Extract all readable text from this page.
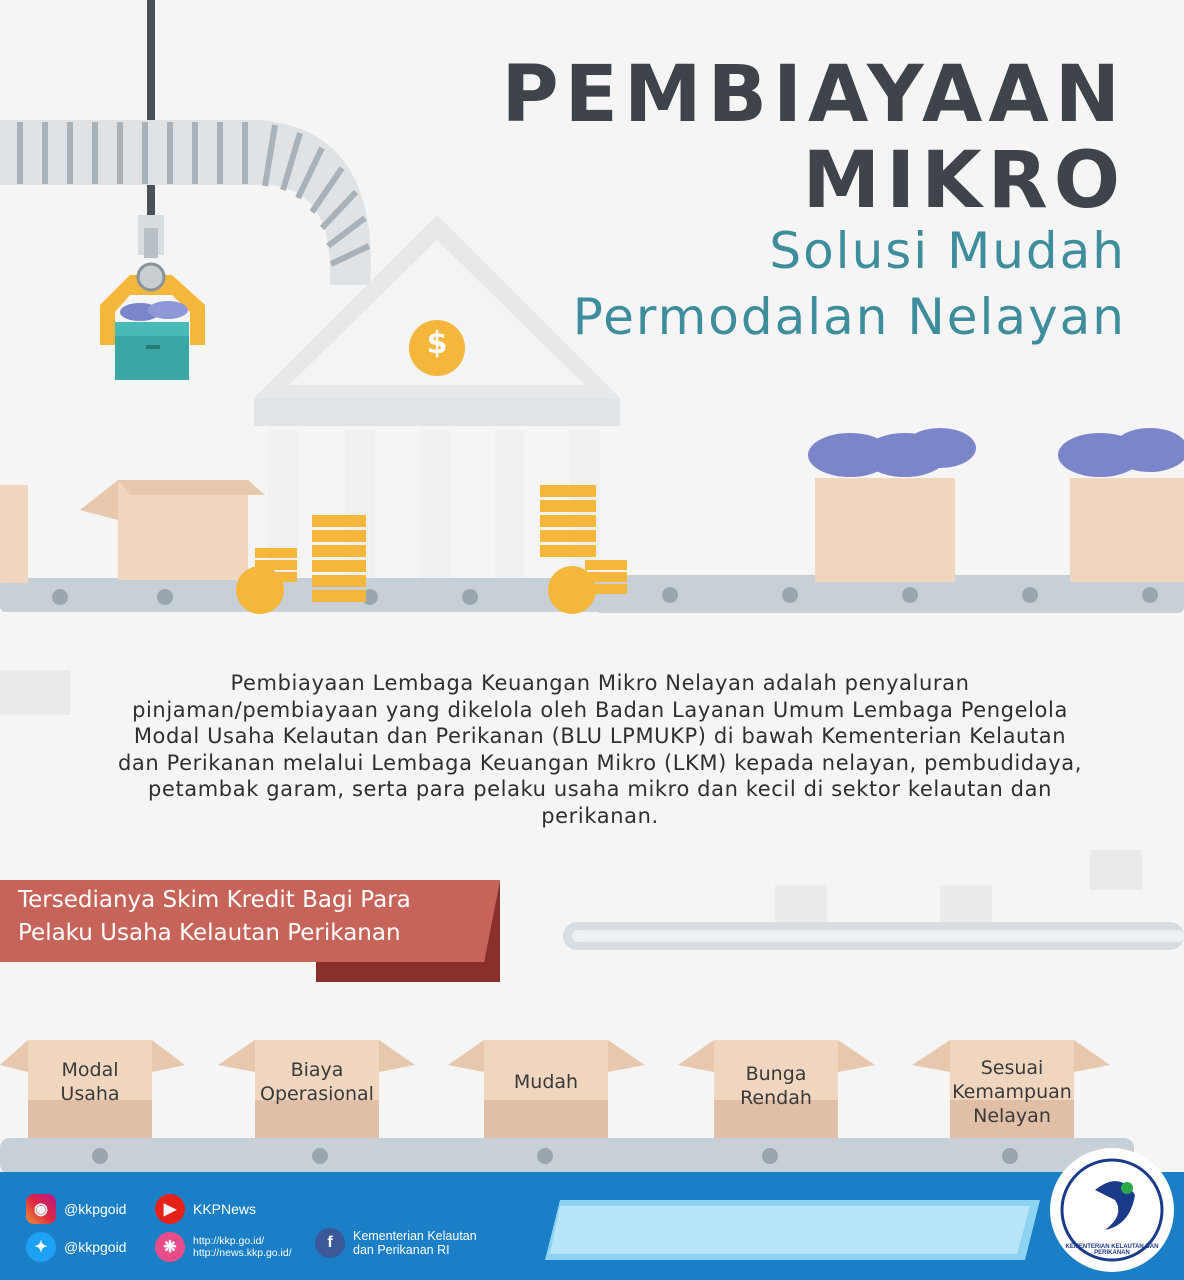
PEMBIAYAAN
MIKRO
Solusi Mudah
Permodalan Nelayan
$
Pembiayaan Lembaga Keuangan Mikro Nelayan adalah penyaluran pinjaman/pembiayaan yang dikelola oleh Badan Layanan Umum Lembaga Pengelola Modal Usaha Kelautan dan Perikanan (BLU LPMUKP) di bawah Kementerian Kelautan dan Perikanan melalui Lembaga Keuangan Mikro (LKM) kepada nelayan, pembudidaya, petambak garam, serta para pelaku usaha mikro dan kecil di sektor kelautan dan perikanan.
Tersedianya Skim Kredit Bagi Para
Pelaku Usaha Kelautan Perikanan
Modal
Usaha
Biaya
Operasional
Mudah	Bunga
Rendah
Sesuai
Kemampuan
Nelayan
◉	@kkpgoid	▶	KKPNews
✦	@kkpgoid	❋	http://kkp.go.id/
http://news.kkp.go.id/
f	Kementerian Kelautan
dan Perikanan RI	KEMENTERIAN KELAUTAN DAN PERIKANAN
